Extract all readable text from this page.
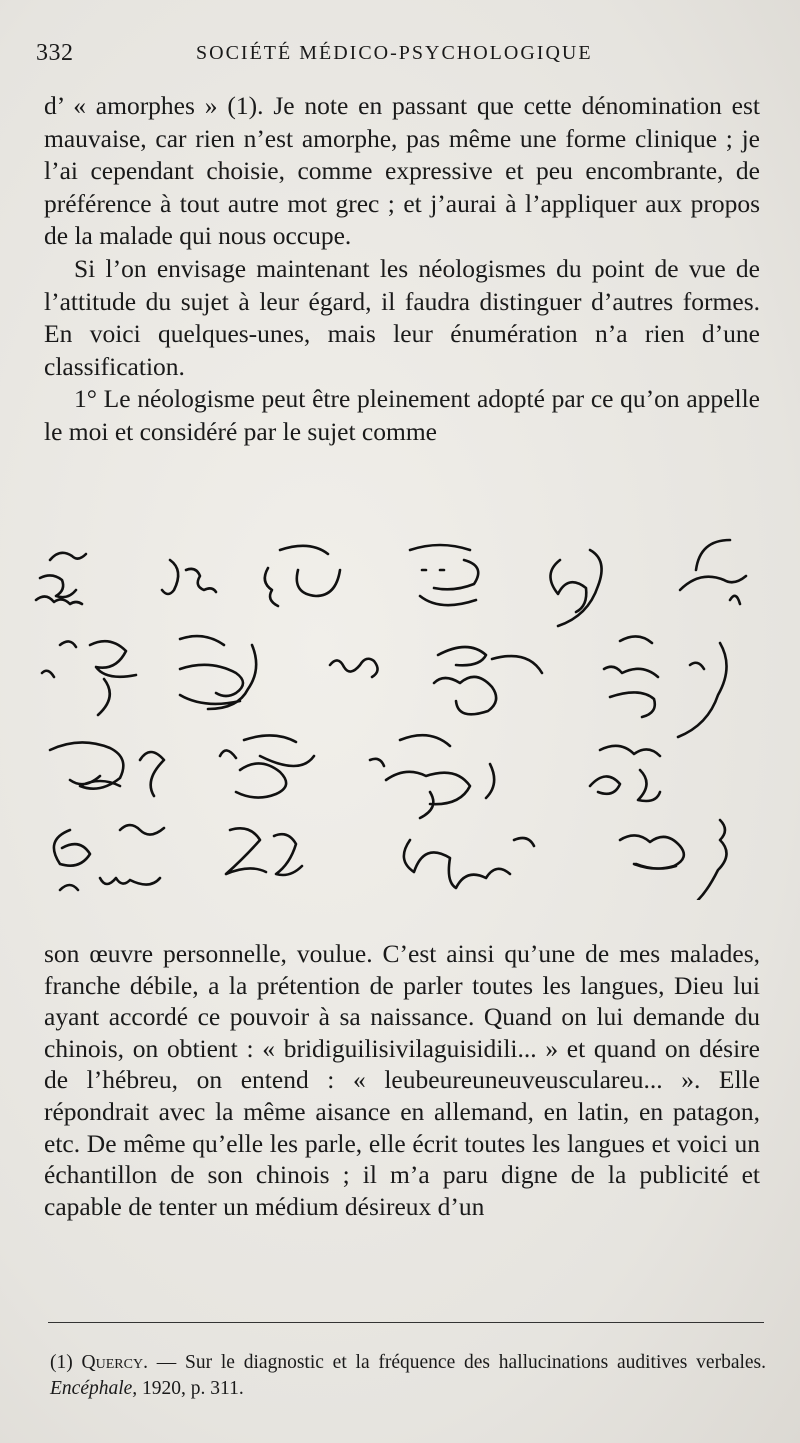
332	SOCIÉTÉ MÉDICO-PSYCHOLOGIQUE

d’ « amorphes » (1). Je note en passant que cette dénomination est mauvaise, car rien n’est amorphe, pas même une forme clinique ; je l’ai cependant choisie, comme expressive et peu encombrante, de préférence à tout autre mot grec ; et j’aurai à l’appliquer aux propos de la malade qui nous occupe.

Si l’on envisage maintenant les néologismes du point de vue de l’attitude du sujet à leur égard, il faudra distinguer d’autres formes. En voici quelques-unes, mais leur énumération n’a rien d’une classification.

1° Le néologisme peut être pleinement adopté par ce qu’on appelle le moi et considéré par le sujet comme

son œuvre personnelle, voulue. C’est ainsi qu’une de mes malades, franche débile, a la prétention de parler toutes les langues, Dieu lui ayant accordé ce pouvoir à sa naissance. Quand on lui demande du chinois, on obtient : « bridiguilisivilaguisidili... » et quand on désire de l’hébreu, on entend : « leubeureuneuveusculareu... ». Elle répondrait avec la même aisance en allemand, en latin, en patagon, etc. De même qu’elle les parle, elle écrit toutes les langues et voici un échantillon de son chinois ; il m’a paru digne de la publicité et capable de tenter un médium désireux d’un

(1) Quercy. — Sur le diagnostic et la fréquence des hallucinations auditives verbales. Encéphale, 1920, p. 311.
